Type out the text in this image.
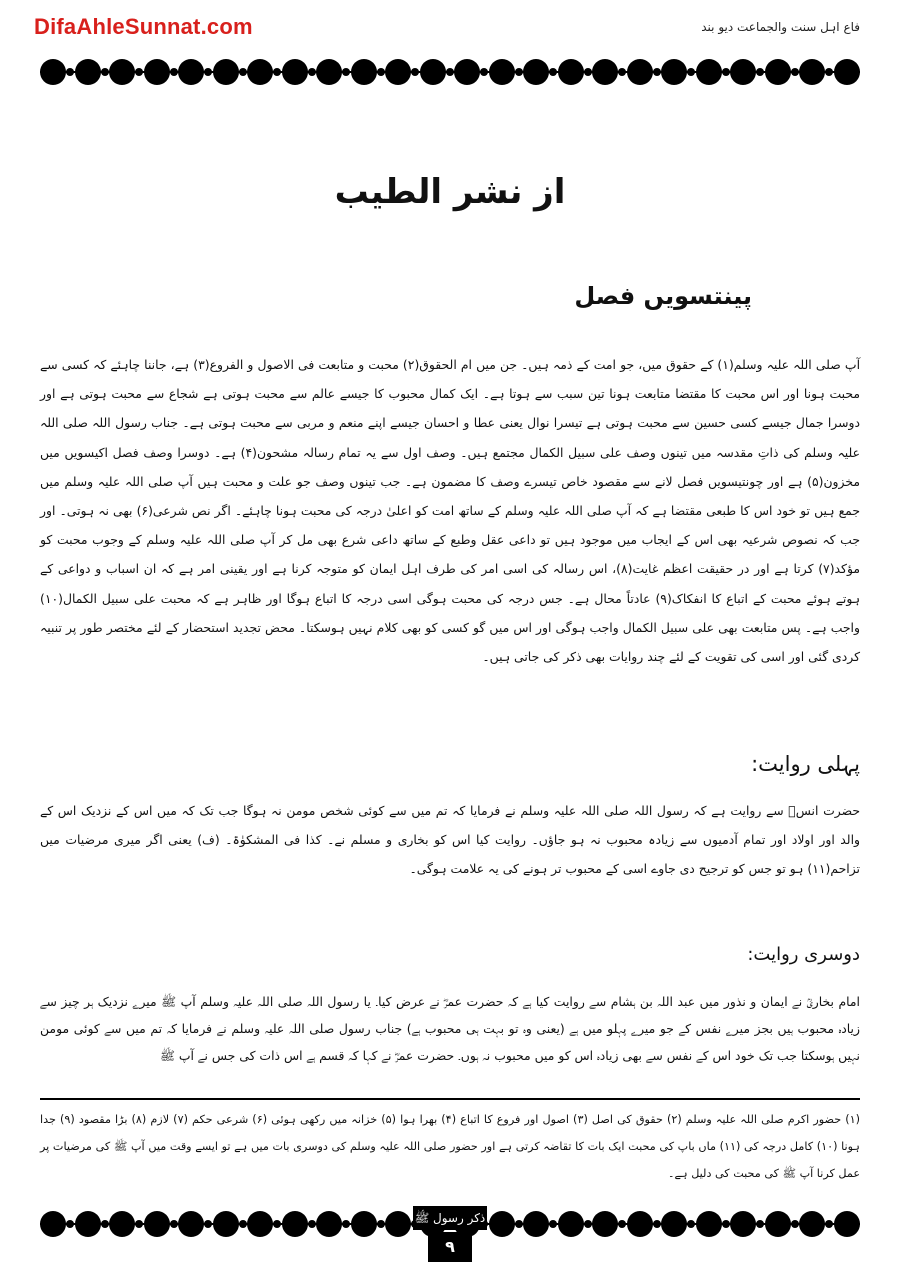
DifaAhleSunnat.com	فاع اہل سنت والجماعت دیو بند
از نشر الطیب
پینتسویں فصل
آپ صلی اللہ علیہ وسلم(۱) کے حقوق میں، جو امت کے ذمہ ہیں۔ جن میں ام الحقوق(۲) محبت و متابعت فی الاصول و الفروع(۳) ہے، جاننا چاہئے کہ کسی سے محبت ہونا اور اس محبت کا مقتضا متابعت ہونا تین سبب سے ہوتا ہے۔ ایک کمال محبوب کا جیسے عالم سے محبت ہوتی ہے شجاع سے محبت ہوتی ہے اور دوسرا جمال جیسے کسی حسین سے محبت ہوتی ہے تیسرا نوال یعنی عطا و احسان جیسے اپنے منعم و مربی سے محبت ہوتی ہے۔ جناب رسول اللہ صلی اللہ علیہ وسلم کی ذاتِ مقدسہ میں تینوں وصف علی سبیل الکمال مجتمع ہیں۔ وصف اول سے یہ تمام رسالہ مشحون(۴) ہے۔ دوسرا وصف فصل اکیسویں میں مخزون(۵) ہے اور چونتیسویں فصل لانے سے مقصود خاص تیسرے وصف کا مضمون ہے۔ جب تینوں وصف جو علت و محبت ہیں آپ صلی اللہ علیہ وسلم میں جمع ہیں تو خود اس کا طبعی مقتضا ہے کہ آپ صلی اللہ علیہ وسلم کے ساتھ امت کو اعلیٰ درجہ کی محبت ہونا چاہئے۔ اگر نص شرعی(۶) بھی نہ ہوتی۔ اور جب کہ نصوص شرعیہ بھی اس کے ایجاب میں موجود ہیں تو داعی عقل وطبع کے ساتھ داعی شرع بھی مل کر آپ صلی اللہ علیہ وسلم کے وجوب محبت کو مؤکد(۷) کرتا ہے اور در حقیقت اعظم غایت(۸)، اس رسالہ کی اسی امر کی طرف اہل ایمان کو متوجہ کرنا ہے اور یقینی امر ہے کہ ان اسباب و دواعی کے ہوتے ہوئے محبت کے اتباع کا انفکاک(۹) عادتاً محال ہے۔ جس درجہ کی محبت ہوگی اسی درجہ کا اتباع ہوگا اور ظاہر ہے کہ محبت علی سبیل الکمال(۱۰) واجب ہے۔ پس متابعت بھی علی سبیل الکمال واجب ہوگی اور اس میں گو کسی کو بھی کلام نہیں ہوسکتا۔ محض تجدید استحضار کے لئے مختصر طور پر تنبیہ کردی گئی اور اسی کی تقویت کے لئے چند روایات بھی ذکر کی جاتی ہیں۔
پہلی روایت:
حضرت انسؓ سے روایت ہے کہ رسول اللہ صلی اللہ علیہ وسلم نے فرمایا کہ تم میں سے کوئی شخص مومن نہ ہوگا جب تک کہ میں اس کے نزدیک اس کے والد اور اولاد اور تمام آدمیوں سے زیادہ محبوب نہ ہو جاؤں۔ روایت کیا اس کو بخاری و مسلم نے۔ کذا فی المشکوٰۃ۔ (ف) یعنی اگر میری مرضیات میں تزاحم(۱۱) ہو تو جس کو ترجیح دی جاوے اسی کے محبوب تر ہونے کی یہ علامت ہوگی۔
دوسری روایت:
امام بخاریؒ نے ایمان و نذور میں عبد اللہ بن ہشام سے روایت کیا ہے کہ حضرت عمرؓ نے عرض کیا۔ یا رسول اللہ صلی اللہ علیہ وسلم آپ ﷺ میرے نزدیک ہر چیز سے زیادہ محبوب ہیں بجز میرے نفس کے جو میرے پہلو میں ہے (یعنی وہ تو بہت ہی محبوب ہے) جناب رسول صلی اللہ علیہ وسلم نے فرمایا کہ تم میں سے کوئی مومن نہیں ہوسکتا جب تک خود اس کے نفس سے بھی زیادہ اس کو میں محبوب نہ ہوں۔ حضرت عمرؓ نے کہا کہ قسم ہے اس ذات کی جس نے آپ ﷺ
(۱) حضور اکرم صلی اللہ علیہ وسلم (۲) حقوق کی اصل (۳) اصول اور فروع کا اتباع (۴) بھرا ہوا (۵) خزانہ میں رکھی ہوئی (۶) شرعی حکم (۷) لازم (۸) بڑا مقصود (۹) جدا ہونا (۱۰) کامل درجہ کی (۱۱) ماں باپ کی محبت ایک بات کا تقاضہ کرتی ہے اور حضور صلی اللہ علیہ وسلم کی دوسری بات میں ہے تو ایسے وقت میں آپ ﷺ کی مرضیات پر عمل کرنا آپ ﷺ کی محبت کی دلیل ہے۔
ذکر رسول ﷺ
۹
